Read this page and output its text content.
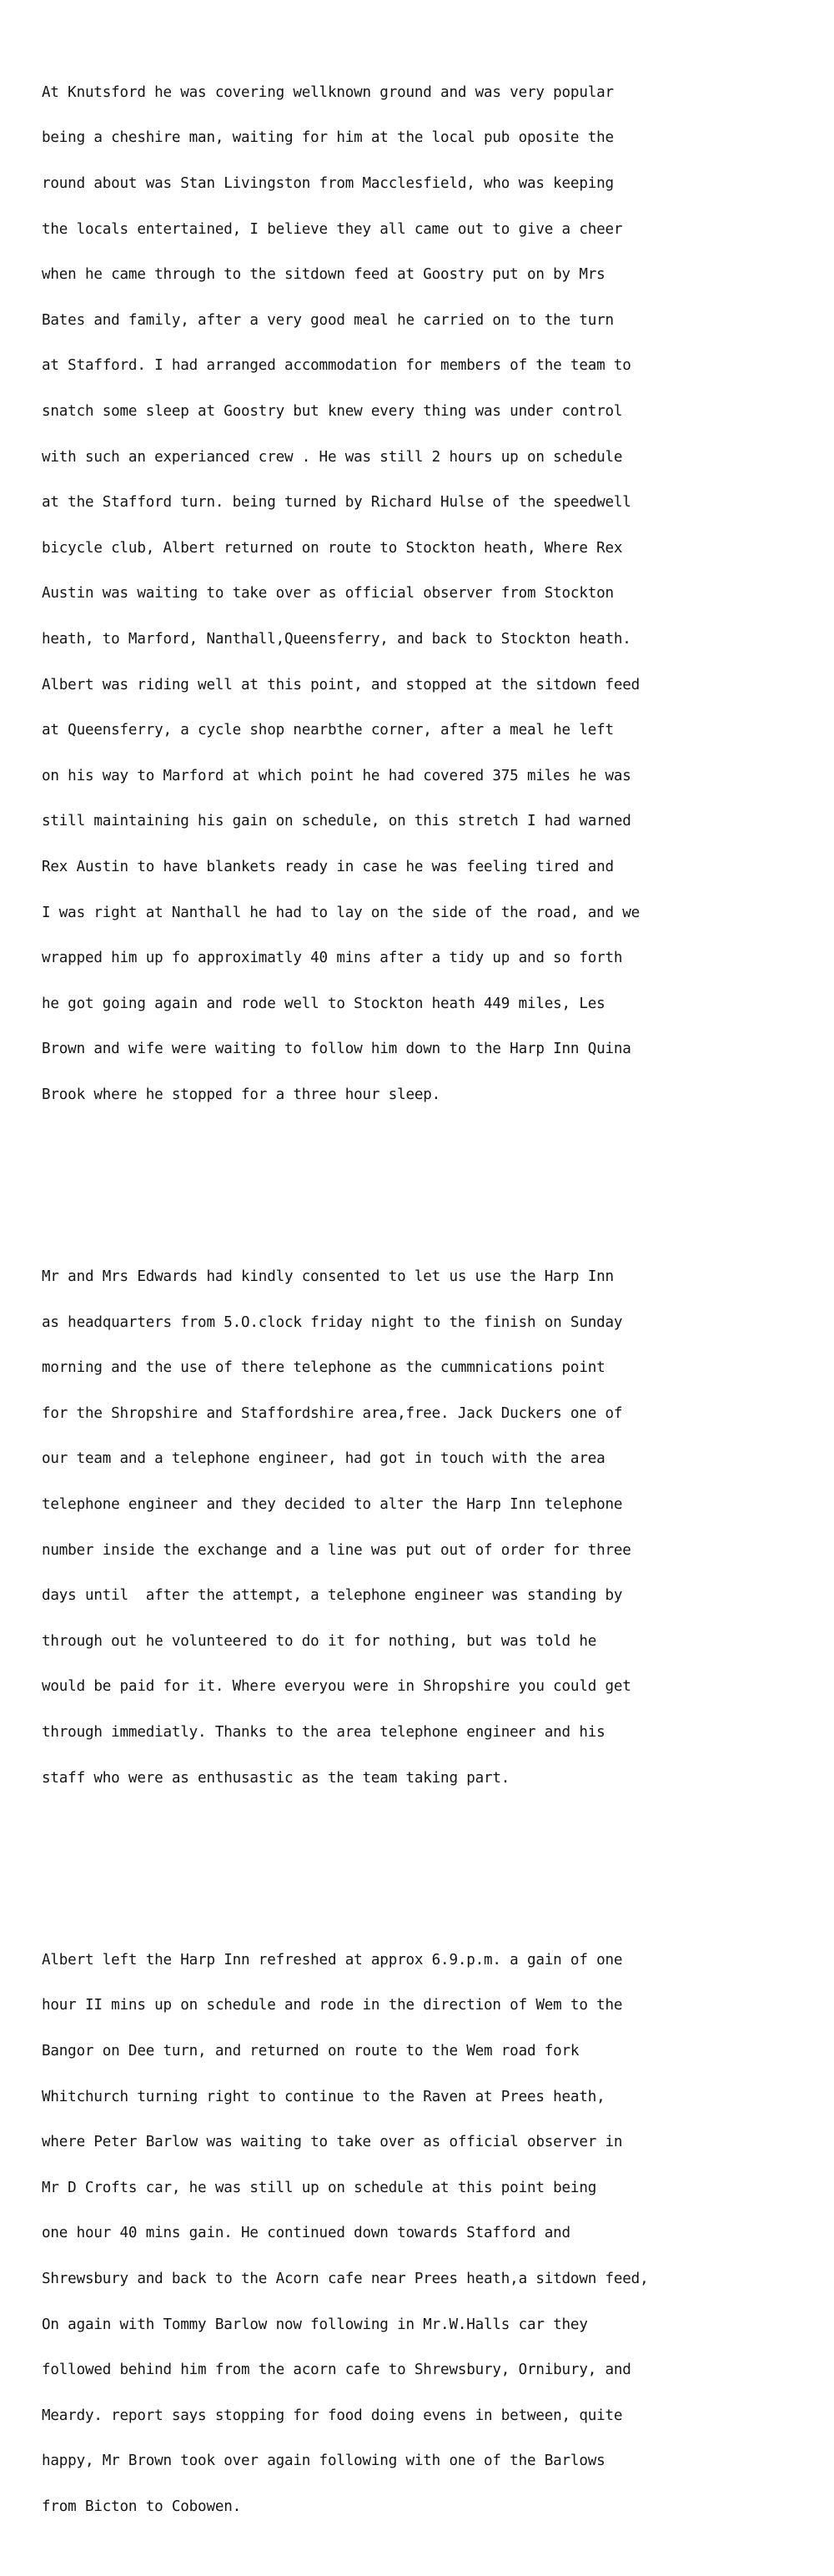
At Knutsford he was covering wellknown ground and was very popular

being a cheshire man, waiting for him at the local pub oposite the

round about was Stan Livingston from Macclesfield, who was keeping

the locals entertained, I believe they all came out to give a cheer

when he came through to the sitdown feed at Goostry put on by Mrs

Bates and family, after a very good meal he carried on to the turn

at Stafford. I had arranged accommodation for members of the team to

snatch some sleep at Goostry but knew every thing was under control

with such an experianced crew . He was still 2 hours up on schedule

at the Stafford turn. being turned by Richard Hulse of the speedwell

bicycle club, Albert returned on route to Stockton heath, Where Rex

Austin was waiting to take over as official observer from Stockton

heath, to Marford, Nanthall,Queensferry, and back to Stockton heath.

Albert was riding well at this point, and stopped at the sitdown feed

at Queensferry, a cycle shop nearbthe corner, after a meal he left

on his way to Marford at which point he had covered 375 miles he was

still maintaining his gain on schedule, on this stretch I had warned

Rex Austin to have blankets ready in case he was feeling tired and

I was right at Nanthall he had to lay on the side of the road, and we

wrapped him up fo approximatly 40 mins after a tidy up and so forth

he got going again and rode well to Stockton heath 449 miles, Les

Brown and wife were waiting to follow him down to the Harp Inn Quina

Brook where he stopped for a three hour sleep.

Mr and Mrs Edwards had kindly consented to let us use the Harp Inn

as headquarters from 5.O.clock friday night to the finish on Sunday

morning and the use of there telephone as the cummnications point

for the Shropshire and Staffordshire area,free. Jack Duckers one of

our team and a telephone engineer, had got in touch with the area

telephone engineer and they decided to alter the Harp Inn telephone

number inside the exchange and a line was put out of order for three

days until  after the attempt, a telephone engineer was standing by

through out he volunteered to do it for nothing, but was told he

would be paid for it. Where everyou were in Shropshire you could get

through immediatly. Thanks to the area telephone engineer and his

staff who were as enthusastic as the team taking part.

Albert left the Harp Inn refreshed at approx 6.9.p.m. a gain of one

hour II mins up on schedule and rode in the direction of Wem to the

Bangor on Dee turn, and returned on route to the Wem road fork

Whitchurch turning right to continue to the Raven at Prees heath,

where Peter Barlow was waiting to take over as official observer in

Mr D Crofts car, he was still up on schedule at this point being

one hour 40 mins gain. He continued down towards Stafford and

Shrewsbury and back to the Acorn cafe near Prees heath,a sitdown feed,

On again with Tommy Barlow now following in Mr.W.Halls car they

followed behind him from the acorn cafe to Shrewsbury, Ornibury, and

Meardy. report says stopping for food doing evens in between, quite

happy, Mr Brown took over again following with one of the Barlows

from Bicton to Cobowen.
